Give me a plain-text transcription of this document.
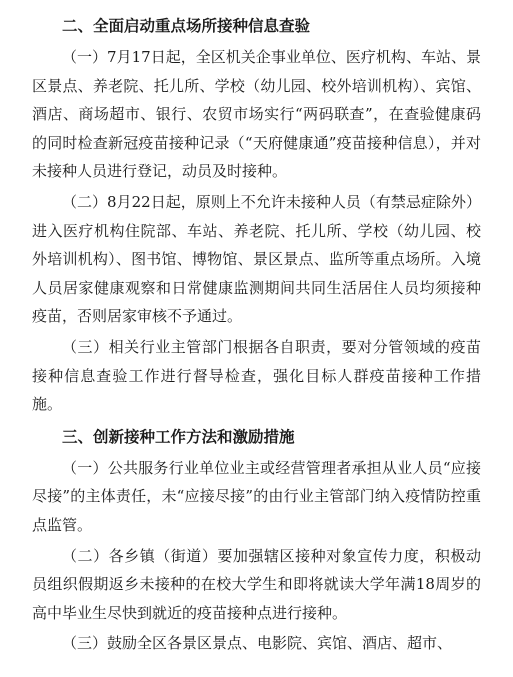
二、全面启动重点场所接种信息查验

（一）7月17日起，全区机关企事业单位、医疗机构、车站、景区景点、养老院、托儿所、学校（幼儿园、校外培训机构）、宾馆、酒店、商场超市、银行、农贸市场实行“两码联查”，在查验健康码的同时检查新冠疫苗接种记录（“天府健康通”疫苗接种信息），并对未接种人员进行登记，动员及时接种。

（二）8月22日起，原则上不允许未接种人员（有禁忌症除外）进入医疗机构住院部、车站、养老院、托儿所、学校（幼儿园、校外培训机构）、图书馆、博物馆、景区景点、监所等重点场所。入境人员居家健康观察和日常健康监测期间共同生活居住人员均须接种疫苗，否则居家审核不予通过。

（三）相关行业主管部门根据各自职责，要对分管领域的疫苗接种信息查验工作进行督导检查，强化目标人群疫苗接种工作措施。

三、创新接种工作方法和激励措施

（一）公共服务行业单位业主或经营管理者承担从业人员“应接尽接”的主体责任，未“应接尽接”的由行业主管部门纳入疫情防控重点监管。

（二）各乡镇（街道）要加强辖区接种对象宣传力度，积极动员组织假期返乡未接种的在校大学生和即将就读大学年满18周岁的高中毕业生尽快到就近的疫苗接种点进行接种。

（三）鼓励全区各景区景点、电影院、宾馆、酒店、超市、
